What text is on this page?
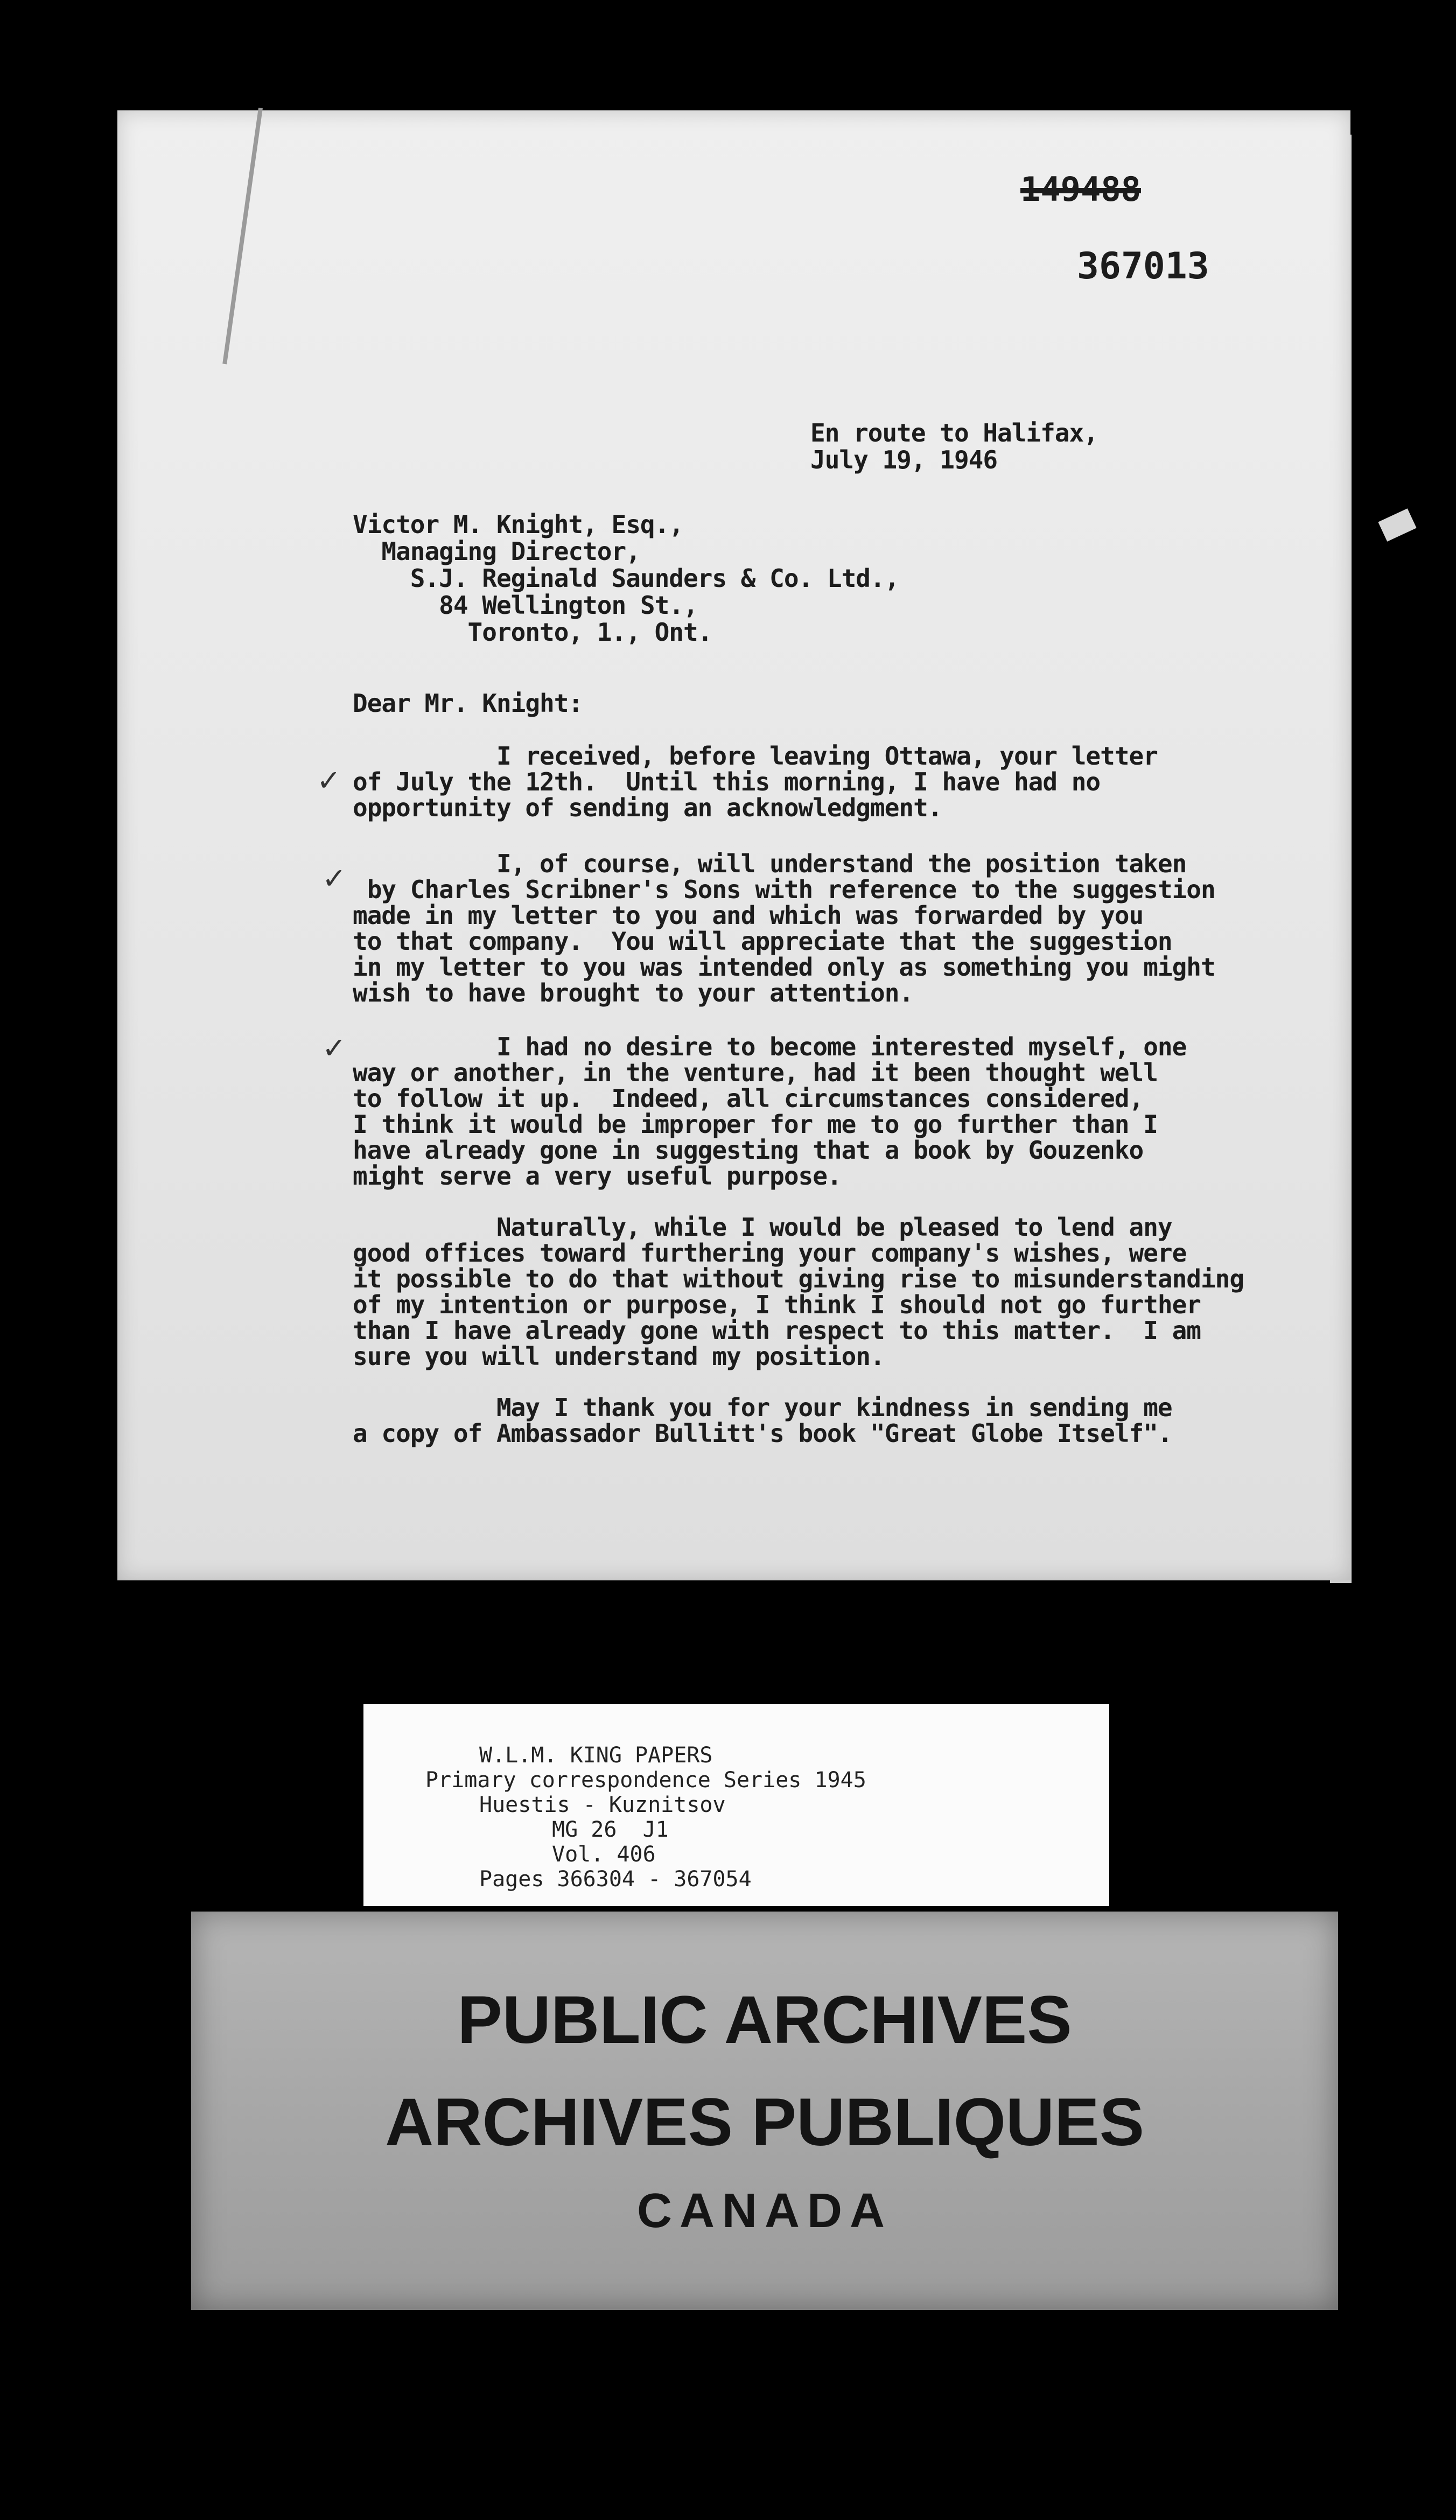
149488
367013
En route to Halifax,
July 19, 1946
Victor M. Knight, Esq.,
Managing Director,
S.J. Reginald Saunders & Co. Ltd.,
84 Wellington St.,
Toronto, 1., Ont.
Dear Mr. Knight:
I received, before leaving Ottawa, your letter
of July the 12th.  Until this morning, I have had no
opportunity of sending an acknowledgment.
I, of course, will understand the position taken
by Charles Scribner's Sons with reference to the suggestion
made in my letter to you and which was forwarded by you
to that company.  You will appreciate that the suggestion
in my letter to you was intended only as something you might
wish to have brought to your attention.
I had no desire to become interested myself, one
way or another, in the venture, had it been thought well
to follow it up.  Indeed, all circumstances considered,
I think it would be improper for me to go further than I
have already gone in suggesting that a book by Gouzenko
might serve a very useful purpose.
Naturally, while I would be pleased to lend any
good offices toward furthering your company's wishes, were
it possible to do that without giving rise to misunderstanding
of my intention or purpose, I think I should not go further
than I have already gone with respect to this matter.  I am
sure you will understand my position.
May I thank you for your kindness in sending me
a copy of Ambassador Bullitt's book "Great Globe Itself".
✓
✓
✓
W.L.M. KING PAPERS
Primary correspondence Series 1945
Huestis - Kuznitsov
MG 26  J1
Vol. 406
Pages 366304 - 367054
PUBLIC ARCHIVES
ARCHIVES PUBLIQUES
CANADA
